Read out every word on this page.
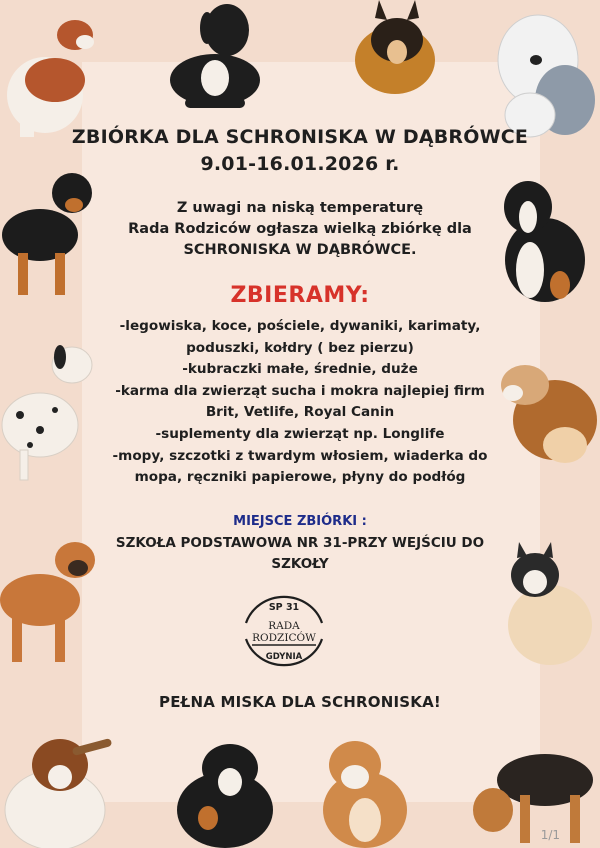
ZBIÓRKA DLA SCHRONISKA W DĄBRÓWCE
9.01-16.01.2026 r.
Z uwagi na niską temperaturę
Rada Rodziców ogłasza wielką zbiórkę dla
SCHRONISKA W DĄBRÓWCE.
ZBIERAMY:
-legowiska, koce, pościele, dywaniki, karimaty,
poduszki, kołdry ( bez pierzu)
-kubraczki małe, średnie, duże
-karma dla zwierząt sucha i mokra najlepiej firm
Brit, Vetlife, Royal Canin
-suplementy dla zwierząt np. Longlife
-mopy, szczotki z twardym włosiem, wiaderka do
mopa, ręczniki papierowe, płyny do podłóg
MIEJSCE ZBIÓRKI :
SZKOŁA PODSTAWOWA NR 31-PRZY WEJŚCIU DO
SZKOŁY
SP 31
RADA
RODZICÓW
GDYNIA
PEŁNA MISKA DLA SCHRONISKA!
1/1
